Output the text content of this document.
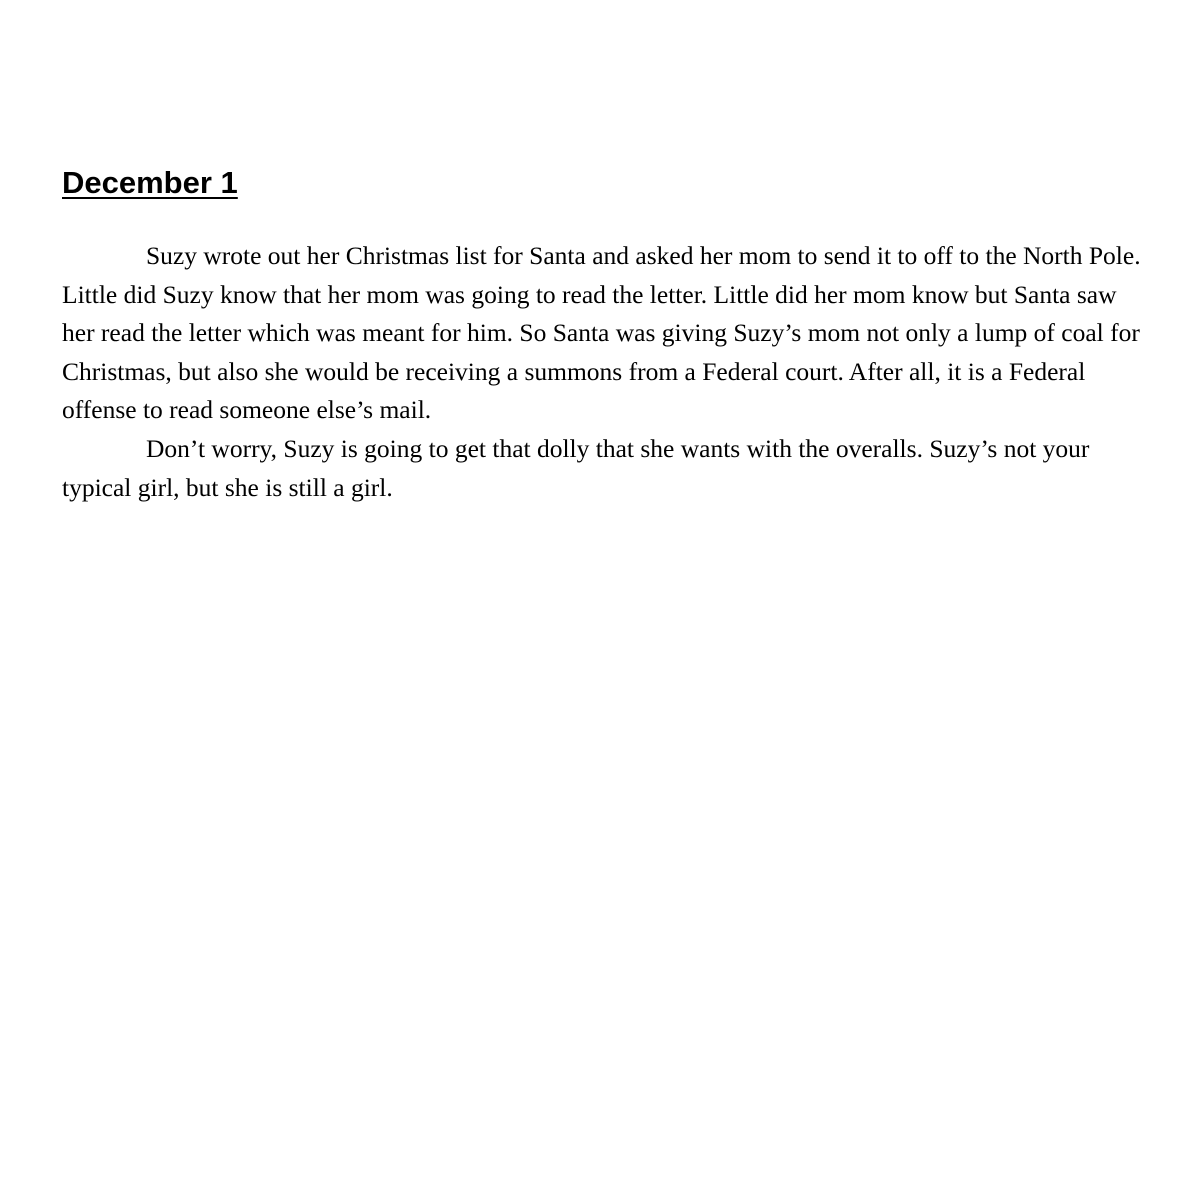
December 1

Suzy wrote out her Christmas list for Santa and asked her mom to send it to off to the North Pole. Little did Suzy know that her mom was going to read the letter. Little did her mom know but Santa saw her read the letter which was meant for him. So Santa was giving Suzy’s mom not only a lump of coal for Christmas, but also she would be receiving a summons from a Federal court. After all, it is a Federal offense to read someone else’s mail.

Don’t worry, Suzy is going to get that dolly that she wants with the overalls. Suzy’s not your typical girl, but she is still a girl.
